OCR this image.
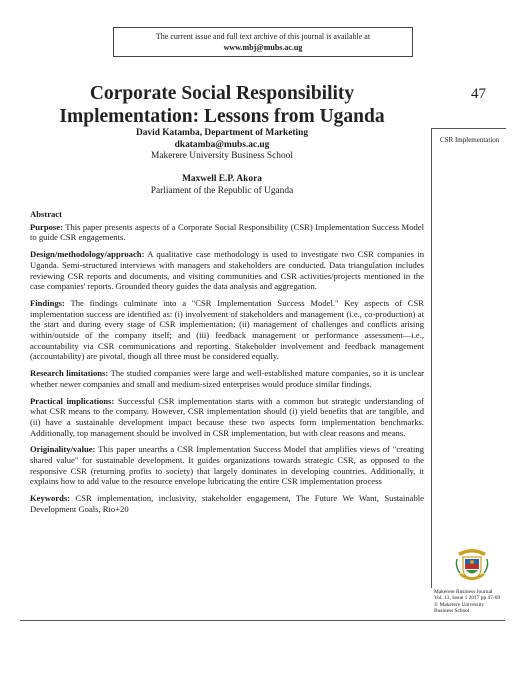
The current issue and full text archive of this journal is available at
www.mbj@mubs.ac.ug
47
CSR Implementation
Corporate Social Responsibility
Implementation: Lessons from Uganda
David Katamba, Department of Marketing
dkatamba@mubs.ac.ug
Makerere University Business School
Maxwell E.P. Akora
Parliament of the Republic of Uganda

Abstract

Purpose: This paper presents aspects of a Corporate Social Responsibility (CSR) Implementation Success Model to guide CSR engagements.

Design/methodology/approach: A qualitative case methodology is used to investigate two CSR companies in Uganda. Semi-structured interviews with managers and stakeholders are conducted. Data triangulation includes reviewing CSR reports and documents, and visiting communities and CSR activities/projects mentioned in the case companies' reports. Grounded theory guides the data analysis and aggregation.

Findings: The findings culminate into a "CSR Implementation Success Model." Key aspects of CSR implementation success are identified as: (i) involvement of stakeholders and management (i.e., co-production) at the start and during every stage of CSR implementation; (ii) management of challenges and conflicts arising within/outside of the company itself; and (iii) feedback management or performance assessment—i.e., accountability via CSR communications and reporting. Stakeholder involvement and feedback management (accountability) are pivotal, though all three must be considered equally.

Research limitations: The studied companies were large and well-established mature companies, so it is unclear whether newer companies and small and medium-sized enterprises would produce similar findings.

Practical implications: Successful CSR implementation starts with a common but strategic understanding of what CSR means to the company. However, CSR implementation should (i) yield benefits that are tangible, and (ii) have a sustainable development impact because these two aspects form implementation benchmarks. Additionally, top management should be involved in CSR implementation, but with clear reasons and means.

Originality/value: This paper unearths a CSR Implementation Success Model that amplifies views of "creating shared value" for sustainable development. It guides organizations towards strategic CSR, as opposed to the responsive CSR (returning profits to society) that largely dominates in developing countries. Additionally, it explains how to add value to the resource envelope lubricating the entire CSR implementation process

Keywords: CSR implementation, inclusivity, stakeholder engagement, The Future We Want, Sustainable Development Goals, Rio+20

Makerere Business Journal
Vol. 13, Issue 1 2017 pp 47-69
© Makerere University
Business School
